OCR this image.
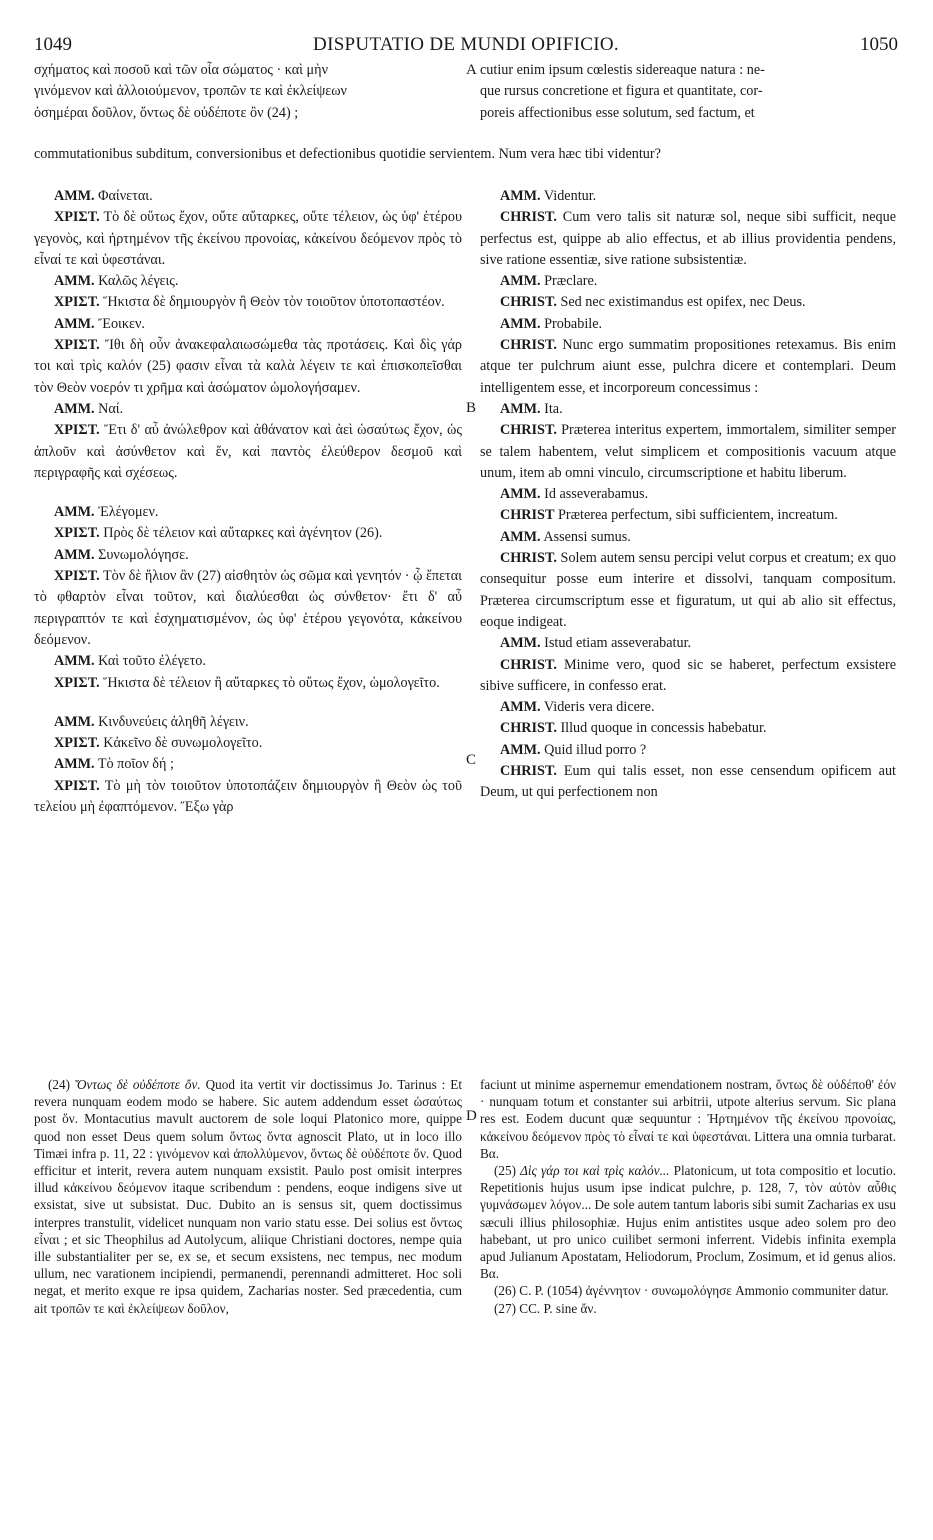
1049	DISPUTATIO DE MUNDI OPIFICIO.	1050

σχήματος καὶ ποσοῦ καὶ τῶν οἷα σώματος · καὶ μὴν

γινόμενον καὶ ἀλλοιούμενον, τροπῶν τε καὶ ἐκλείψεων

ὁσημέραι δοῦλον, ὄντως δὲ οὐδέποτε ὂν (24) ;

cutiur enim ipsum cœlestis sidereaque natura : ne-

que rursus concretione et figura et quantitate, cor-

poreis affectionibus esse solutum, sed factum, et

commutationibus subditum, conversionibus et defectionibus quotidie servientem. Num vera hæc tibi videntur?

ΑΜΜ. Φαίνεται.

ΧΡΙΣΤ. Τὸ δὲ οὕτως ἔχον, οὔτε αὔταρκες, οὔτε τέλειον, ὡς ὑφ' ἑτέρου γεγονὸς, καὶ ἠρτημένον τῆς ἐκείνου προνοίας, κἀκείνου δεόμενον πρὸς τὸ εἶναί τε καὶ ὑφεστάναι.

ΑΜΜ. Καλῶς λέγεις.

ΧΡΙΣΤ. Ἥκιστα δὲ δημιουργὸν ἢ Θεὸν τὸν τοιοῦτον ὑποτοπαστέον.

ΑΜΜ. Ἔοικεν.

ΧΡΙΣΤ. Ἴθι δὴ οὖν ἀνακεφαλαιωσώμεθα τὰς προτάσεις. Καὶ δὶς γάρ τοι καὶ τρὶς καλόν (25) φασιν εἶναι τὰ καλὰ λέγειν τε καὶ ἐπισκοπεῖσθαι τὸν Θεὸν νοερόν τι χρῆμα καὶ ἀσώματον ὡμολογήσαμεν.

ΑΜΜ. Ναί.

ΧΡΙΣΤ. Ἔτι δ' αὖ ἀνώλεθρον καὶ ἀθάνατον καὶ ἀεὶ ὡσαύτως ἔχον, ὡς ἁπλοῦν καὶ ἀσύνθετον καὶ ἕν, καὶ παντὸς ἐλεύθερον δεσμοῦ καὶ περιγραφῆς καὶ σχέσεως.

ΑΜΜ. Ἐλέγομεν.

ΧΡΙΣΤ. Πρὸς δὲ τέλειον καὶ αὔταρκες καὶ ἀγένητον (26).

ΑΜΜ. Συνωμολόγησε.

ΧΡΙΣΤ. Τὸν δὲ ἥλιον ἂν (27) αἰσθητὸν ὡς σῶμα καὶ γενητόν · ᾧ ἕπεται τὸ φθαρτὸν εἶναι τοῦτον, καὶ διαλύεσθαι ὡς σύνθετον· ἔτι δ' αὖ περιγραπτόν τε καὶ ἐσχηματισμένον, ὡς ὑφ' ἑτέρου γεγονότα, κἀκείνου δεόμενον.

ΑΜΜ. Καὶ τοῦτο ἐλέγετο.

ΧΡΙΣΤ. Ἥκιστα δὲ τέλειον ἢ αὔταρκες τὸ οὕτως ἔχον, ὡμολογεῖτο.

ΑΜΜ. Κινδυνεύεις ἀληθῆ λέγειν.

ΧΡΙΣΤ. Κἀκεῖνο δὲ συνωμολογεῖτο.

ΑΜΜ. Τὸ ποῖον δή ;

ΧΡΙΣΤ. Τὸ μὴ τὸν τοιοῦτον ὑποτοπάζειν δημιουργὸν ἢ Θεὸν ὡς τοῦ τελείου μὴ ἐφαπτόμενον. Ἔξω γὰρ

AMM. Videntur.

CHRIST. Cum vero talis sit naturæ sol, neque sibi sufficit, neque perfectus est, quippe ab alio effectus, et ab illius providentia pendens, sive ratione essentiæ, sive ratione subsistentiæ.

AMM. Præclare.

CHRIST. Sed nec existimandus est opifex, nec Deus.

AMM. Probabile.

CHRIST. Nunc ergo summatim propositiones retexamus. Bis enim atque ter pulchrum aiunt esse, pulchra dicere et contemplari. Deum intelligentem esse, et incorporeum concessimus :

AMM. Ita.

CHRIST. Præterea interitus expertem, immortalem, similiter semper se talem habentem, velut simplicem et compositionis vacuum atque unum, item ab omni vinculo, circumscriptione et habitu liberum.

AMM. Id asseverabamus.

CHRIST Præterea perfectum, sibi sufficientem, increatum.

AMM. Assensi sumus.

CHRIST. Solem autem sensu percipi velut corpus et creatum; ex quo consequitur posse eum interire et dissolvi, tanquam compositum. Præterea circumscriptum esse et figuratum, ut qui ab alio sit effectus, eoque indigeat.

AMM. Istud etiam asseverabatur.

CHRIST. Minime vero, quod sic se haberet, perfectum exsistere sibive sufficere, in confesso erat.

AMM. Videris vera dicere.

CHRIST. Illud quoque in concessis habebatur.

AMM. Quid illud porro ?

CHRIST. Eum qui talis esset, non esse censendum opificem aut Deum, ut qui perfectionem non

A
B
C
D

(24) Ὄντως δὲ οὐδέποτε ὄν. Quod ita vertit vir doctissimus Jo. Tarinus : Et revera nunquam eodem modo se habere. Sic autem addendum esset ὡσαύτως post ὄν. Montacutius mavult auctorem de sole loqui Platonico more, quippe quod non esset Deus quem solum ὄντως ὄντα agnoscit Plato, ut in loco illo Timæi infra p. 11, 22 : γινόμενον καὶ ἀπολλύμενον, ὄντως δὲ οὐδέποτε ὄν. Quod efficitur et interit, revera autem nunquam exsistit. Paulo post omisit interpres illud κἀκείνου δεόμενον itaque scribendum : pendens, eoque indigens sive ut exsistat, sive ut subsistat. Duc. Dubito an is sensus sit, quem doctissimus interpres transtulit, videlicet nunquam non vario statu esse. Dei solius est ὄντως εἶναι ; et sic Theophilus ad Autolycum, aliique Christiani doctores, nempe quia ille substantialiter per se, ex se, et secum exsistens, nec tempus, nec modum ullum, nec varationem incipiendi, permanendi, perennandi admitteret. Hoc soli negat, et merito exque re ipsa quidem, Zacharias noster. Sed præcedentia, cum ait τροπῶν τε καὶ ἐκλείψεων δοῦλον,

faciunt ut minime aspernemur emendationem nostram, ὄντως δὲ οὐδέποθ' ἐόν · nunquam totum et constanter sui arbitrii, utpote alterius servum. Sic plana res est. Eodem ducunt quæ sequuntur : Ἠρτημένον τῆς ἐκείνου προνοίας, κἀκείνου δεόμενον πρὸς τὸ εἶναί τε καὶ ὑφεστάναι. Littera una omnia turbarat. Βα.

(25) Δὶς γάρ τοι καὶ τρὶς καλόν... Platonicum, ut tota compositio et locutio. Repetitionis hujus usum ipse indicat pulchre, p. 128, 7, τὸν αὐτὸν αὖθις γυμνάσωμεν λόγον... De sole autem tantum laboris sibi sumit Zacharias ex usu sæculi illius philosophiæ. Hujus enim antistites usque adeo solem pro deo habebant, ut pro unico cuilibet sermoni inferrent. Videbis infinita exempla apud Julianum Apostatam, Heliodorum, Proclum, Zosimum, et id genus alios. Βα.

(26) C. P. (1054) ἀγέννητον · συνωμολόγησε Ammonio communiter datur.

(27) CC. P. sine ἄν.
